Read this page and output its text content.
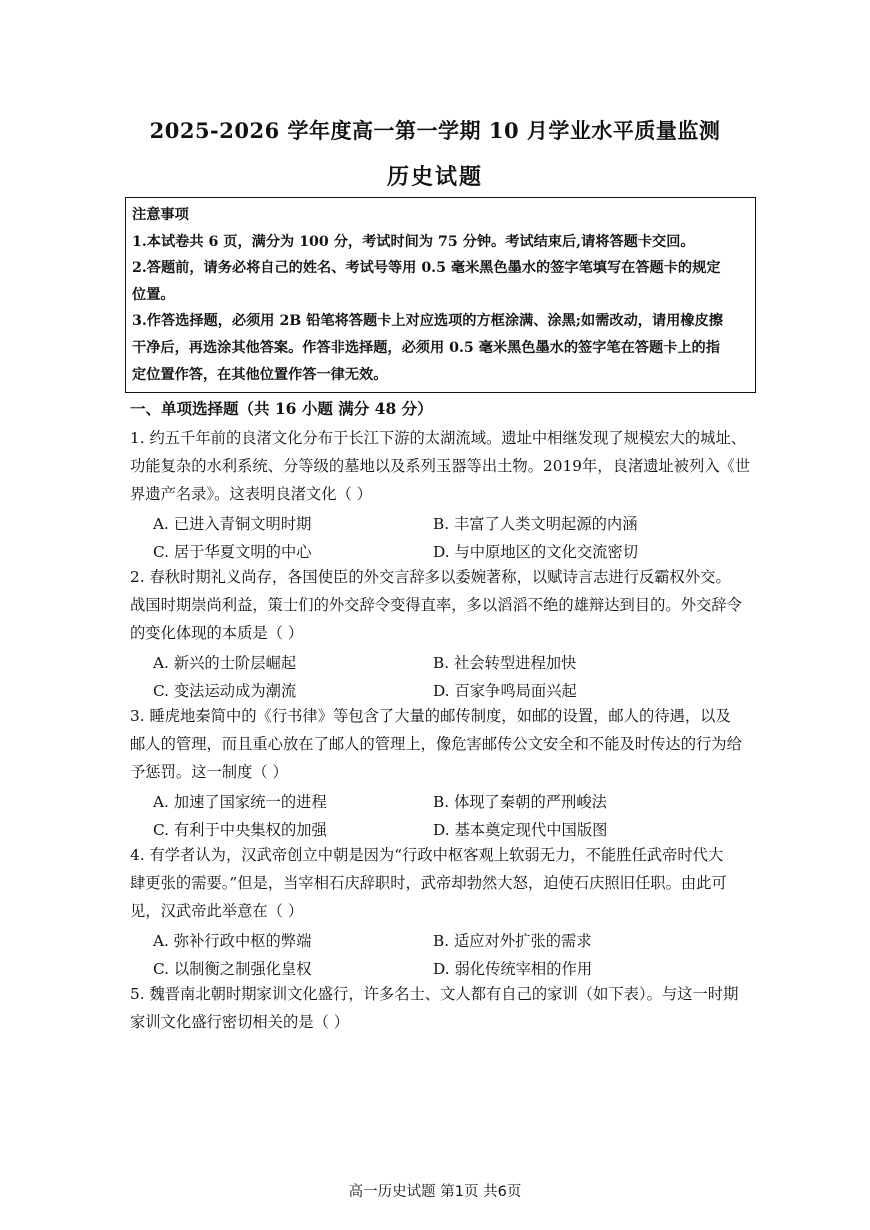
2025-2026 学年度高一第一学期 10 月学业水平质量监测
历史试题
注意事项
1.本试卷共 6 页，满分为 100 分，考试时间为 75 分钟。考试结束后,请将答题卡交回。
2.答题前，请务必将自己的姓名、考试号等用 0.5 毫米黑色墨水的签字笔填写在答题卡的规定
位置。
3.作答选择题，必须用 2B 铅笔将答题卡上对应选项的方框涂满、涂黑;如需改动，请用橡皮擦
干净后，再选涂其他答案。作答非选择题，必须用 0.5 毫米黑色墨水的签字笔在答题卡上的指
定位置作答，在其他位置作答一律无效。
一、单项选择题（共 16 小题 满分 48 分）
1. 约五千年前的良渚文化分布于长江下游的太湖流域。遗址中相继发现了规模宏大的城址、
功能复杂的水利系统、分等级的墓地以及系列玉器等出土物。2019年，良渚遗址被列入《世
界遗产名录》。这表明良渚文化（ ）
A. 已进入青铜文明时期	B. 丰富了人类文明起源的内涵
C. 居于华夏文明的中心	D. 与中原地区的文化交流密切
2. 春秋时期礼义尚存，各国使臣的外交言辞多以委婉著称，以赋诗言志进行反霸权外交。
战国时期崇尚利益，策士们的外交辞令变得直率，多以滔滔不绝的雄辩达到目的。外交辞令
的变化体现的本质是（ ）
A. 新兴的士阶层崛起	B. 社会转型进程加快
C. 变法运动成为潮流	D. 百家争鸣局面兴起
3. 睡虎地秦简中的《行书律》等包含了大量的邮传制度，如邮的设置，邮人的待遇，以及
邮人的管理，而且重心放在了邮人的管理上，像危害邮传公文安全和不能及时传达的行为给
予惩罚。这一制度（ ）
A. 加速了国家统一的进程	B. 体现了秦朝的严刑峻法
C. 有利于中央集权的加强	D. 基本奠定现代中国版图
4. 有学者认为，汉武帝创立中朝是因为“行政中枢客观上软弱无力，不能胜任武帝时代大
肆更张的需要。”但是，当宰相石庆辞职时，武帝却勃然大怒，迫使石庆照旧任职。由此可
见，汉武帝此举意在（ ）
A. 弥补行政中枢的弊端	B. 适应对外扩张的需求
C. 以制衡之制强化皇权	D. 弱化传统宰相的作用
5. 魏晋南北朝时期家训文化盛行，许多名士、文人都有自己的家训（如下表）。与这一时期
家训文化盛行密切相关的是（ ）
高一历史试题 第1页 共6页
